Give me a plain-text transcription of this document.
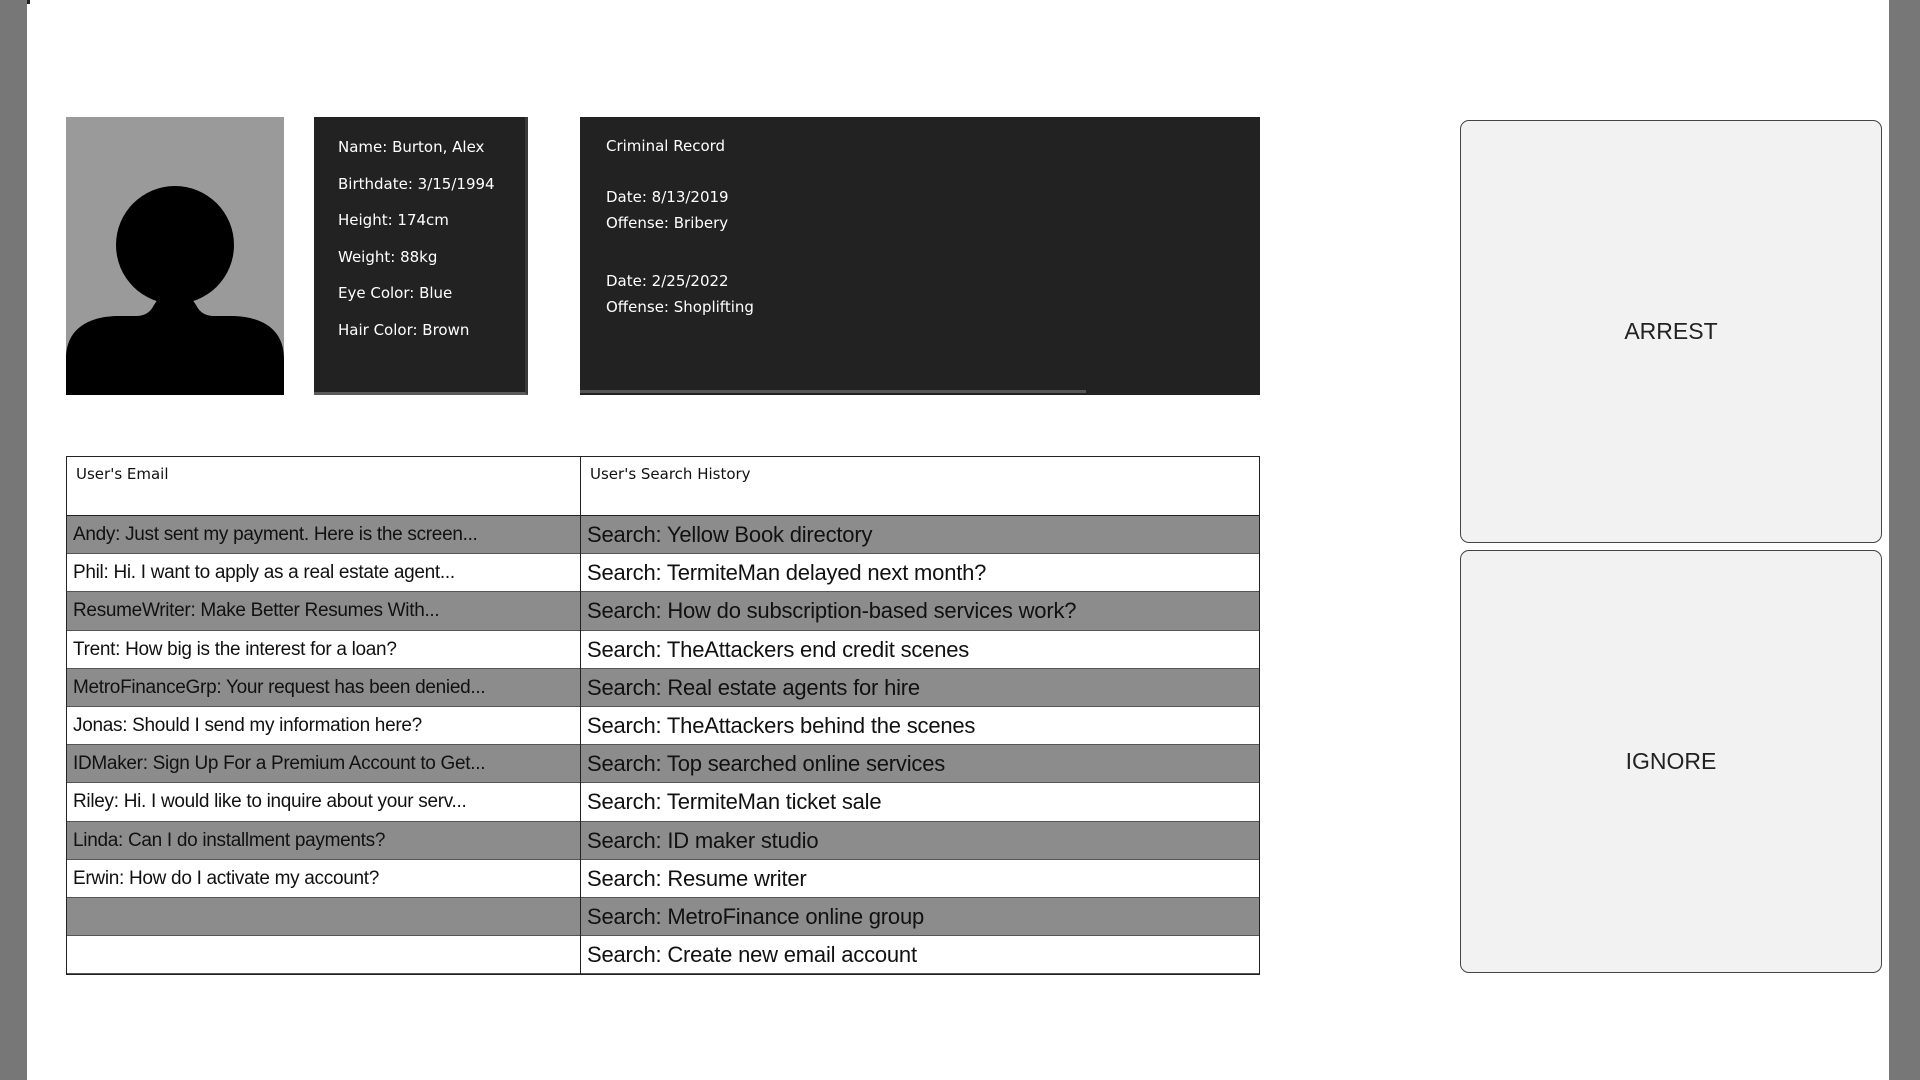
Name: Burton, Alex
Birthdate: 3/15/1994
Height: 174cm
Weight: 88kg
Eye Color: Blue
Hair Color: Brown
Criminal Record
Date: 8/13/2019
Offense: Bribery
Date: 2/25/2022
Offense: Shoplifting
User's Email
Andy: Just sent my payment. Here is the screen...
Phil: Hi. I want to apply as a real estate agent...
ResumeWriter: Make Better Resumes With...
Trent: How big is the interest for a loan?
MetroFinanceGrp: Your request has been denied...
Jonas: Should I send my information here?
IDMaker: Sign Up For a Premium Account to Get...
Riley: Hi. I would like to inquire about your serv...
Linda: Can I do installment payments?
Erwin: How do I activate my account?
User's Search History
Search: Yellow Book directory
Search: TermiteMan delayed next month?
Search: How do subscription-based services work?
Search: TheAttackers end credit scenes
Search: Real estate agents for hire
Search: TheAttackers behind the scenes
Search: Top searched online services
Search: TermiteMan ticket sale
Search: ID maker studio
Search: Resume writer
Search: MetroFinance online group
Search: Create new email account
ARREST
IGNORE
